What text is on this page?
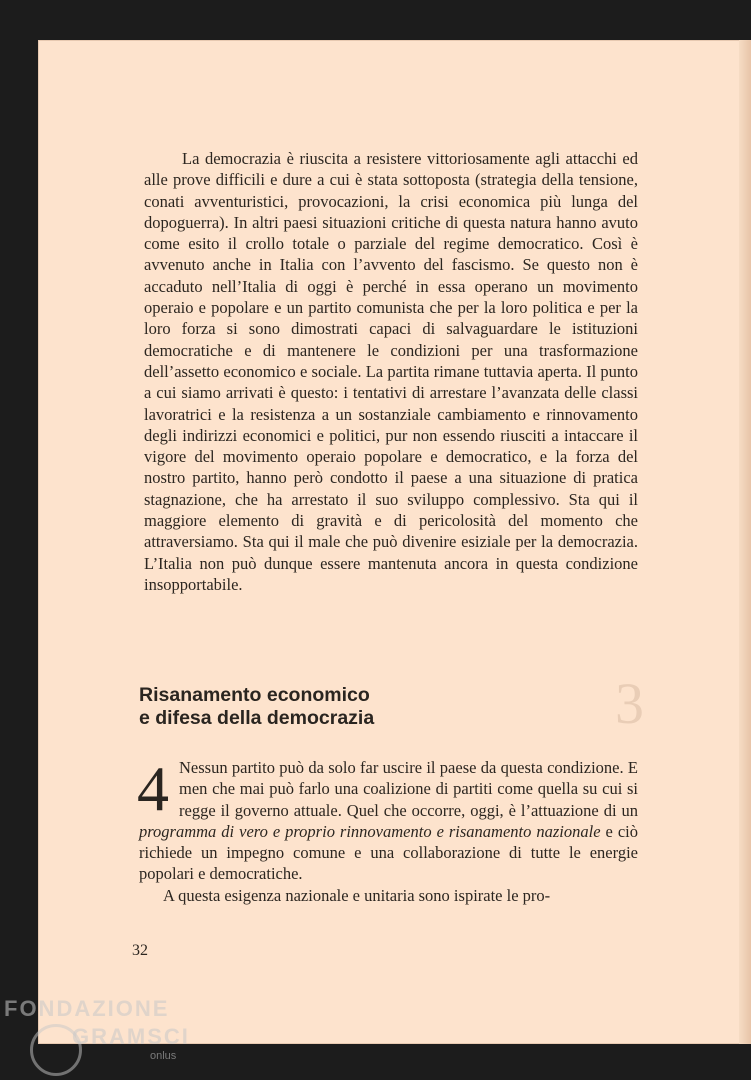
La democrazia è riuscita a resistere vittoriosamente agli attacchi ed alle prove difficili e dure a cui è stata sottoposta (strategia della tensione, conati avventuristici, provocazioni, la crisi economica più lunga del dopoguerra). In altri paesi situazioni critiche di questa natura hanno avuto come esito il crollo totale o parziale del regime democratico. Così è avvenuto anche in Italia con l’avvento del fascismo. Se questo non è accaduto nell’Italia di oggi è perché in essa operano un movimento operaio e popolare e un partito comunista che per la loro politica e per la loro forza si sono dimostrati capaci di salvaguardare le istituzioni democratiche e di mantenere le condizioni per una trasformazione dell’assetto economico e sociale. La partita rimane tuttavia aperta. Il punto a cui siamo arrivati è questo: i tentativi di arrestare l’avanzata delle classi lavoratrici e la resistenza a un sostanziale cambiamento e rinnovamento degli indirizzi economici e politici, pur non essendo riusciti a intaccare il vigore del movimento operaio popolare e democratico, e la forza del nostro partito, hanno però condotto il paese a una situazione di pratica stagnazione, che ha arrestato il suo sviluppo complessivo. Sta qui il maggiore elemento di gravità e di pericolosità del momento che attraversiamo. Sta qui il male che può divenire esiziale per la democrazia. L’Italia non può dunque essere mantenuta ancora in questa condizione insopportabile.

3
Risanamento economico
e difesa della democrazia
4 Nessun partito può da solo far uscire il paese da questa condizione. E men che mai può farlo una coalizione di partiti come quella su cui si regge il governo attuale. Quel che occorre, oggi, è l’attuazione di un programma di vero e proprio rinnovamento e risanamento nazionale e ciò richiede un impegno comune e una collaborazione di tutte le energie popolari e democratiche.

A questa esigenza nazionale e unitaria sono ispirate le pro-

32
FONDAZIONE
GRAMSCI
onlus
